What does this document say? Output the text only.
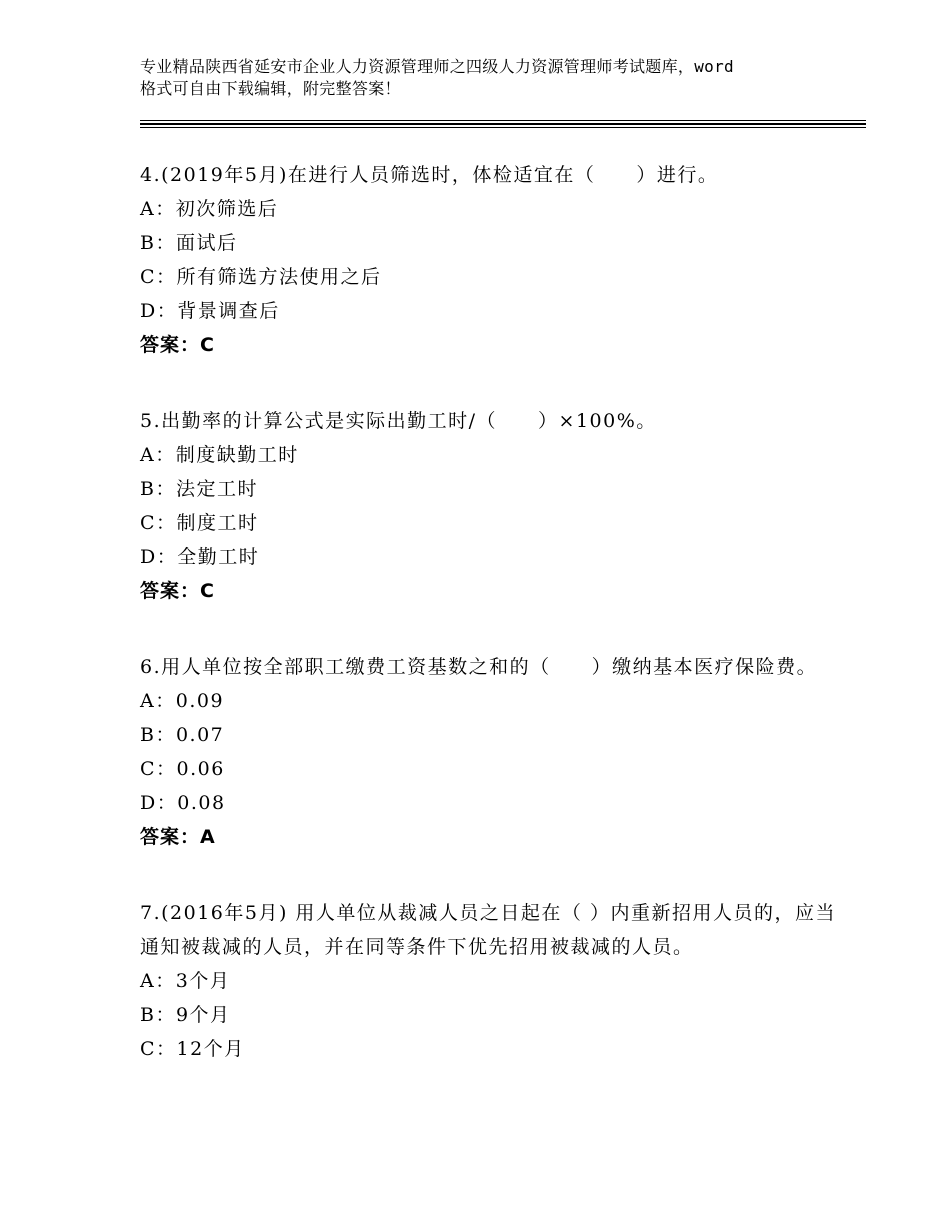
专业精品陕西省延安市企业人力资源管理师之四级人力资源管理师考试题库，word
格式可自由下载编辑，附完整答案！

4.(2019年5月)在进行人员筛选时，体检适宜在（　　）进行。

A：初次筛选后

B：面试后

C：所有筛选方法使用之后

D：背景调查后

答案：C

5.出勤率的计算公式是实际出勤工时/（　　）×100%。

A：制度缺勤工时

B：法定工时

C：制度工时

D：全勤工时

答案：C

6.用人单位按全部职工缴费工资基数之和的（　　）缴纳基本医疗保险费。

A：0.09

B：0.07

C：0.06

D：0.08

答案：A

7.(2016年5月) 用人单位从裁减人员之日起在（ ）内重新招用人员的，应当通知被裁减的人员，并在同等条件下优先招用被裁减的人员。

A：3个月

B：9个月

C：12个月
